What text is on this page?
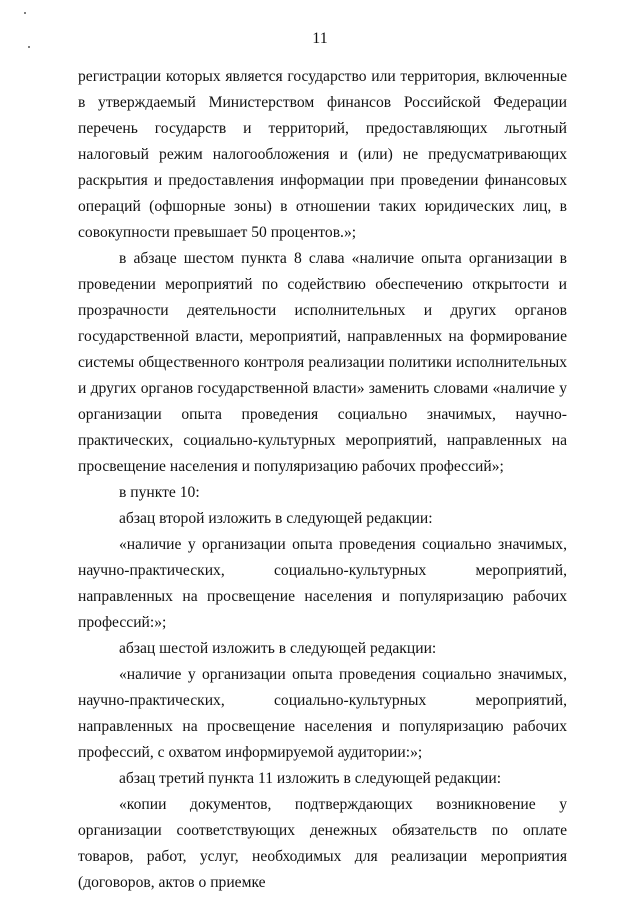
11

регистрации которых является государство или территория, включенные в утверждаемый Министерством финансов Российской Федерации перечень государств и территорий, предоставляющих льготный налоговый режим налогообложения и (или) не предусматривающих раскрытия и предоставления информации при проведении финансовых операций (офшорные зоны) в отношении таких юридических лиц, в совокупности превышает 50 процентов.»;

в абзаце шестом пункта 8 слава «наличие опыта организации в проведении мероприятий по содействию обеспечению открытости и прозрачности деятельности исполнительных и других органов государственной власти, мероприятий, направленных на формирование системы общественного контроля реализации политики исполнительных и других органов государственной власти» заменить словами «наличие у организации опыта проведения социально значимых, научно-практических, социально-культурных мероприятий, направленных на просвещение населения и популяризацию рабочих профессий»;

в пункте 10:

абзац второй изложить в следующей редакции:

«наличие у организации опыта проведения социально значимых, научно-практических, социально-культурных мероприятий, направленных на просвещение населения и популяризацию рабочих профессий:»;

абзац шестой изложить в следующей редакции:

«наличие у организации опыта проведения социально значимых, научно-практических, социально-культурных мероприятий, направленных на просвещение населения и популяризацию рабочих профессий, с охватом информируемой аудитории:»;

абзац третий пункта 11 изложить в следующей редакции:

«копии документов, подтверждающих возникновение у организации соответствующих денежных обязательств по оплате товаров, работ, услуг, необходимых для реализации мероприятия (договоров, актов о приемке
